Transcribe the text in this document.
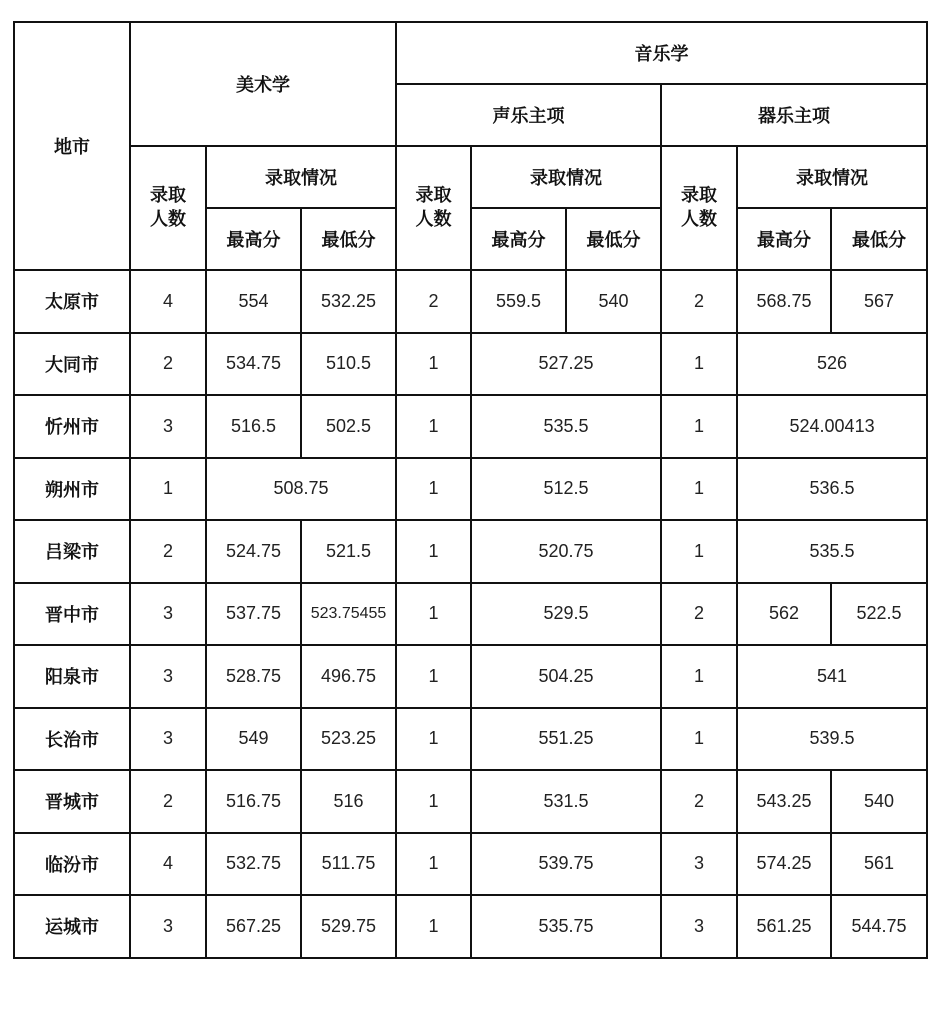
地市	美术学			音乐学					
				声乐主项			器乐主项		

	录取人数	录取情况		录取人数	录取情况		录取人数	录取情况	
		最高分	最低分		最高分	最低分		最高分	最低分
太原市	4	554	532.25	2	559.5	540	2	568.75	567
大同市	2	534.75	510.5	1	527.25		1	526	
忻州市	3	516.5	502.5	1	535.5		1	524.00413	
朔州市	1	508.75		1	512.5		1	536.5	
吕梁市	2	524.75	521.5	1	520.75		1	535.5	
晋中市	3	537.75	523.75455	1	529.5		2	562	522.5
阳泉市	3	528.75	496.75	1	504.25		1	541	
长治市	3	549	523.25	1	551.25		1	539.5	
晋城市	2	516.75	516	1	531.5		2	543.25	540
临汾市	4	532.75	511.75	1	539.75		3	574.25	561
运城市	3	567.25	529.75	1	535.75		3	561.25	544.75
